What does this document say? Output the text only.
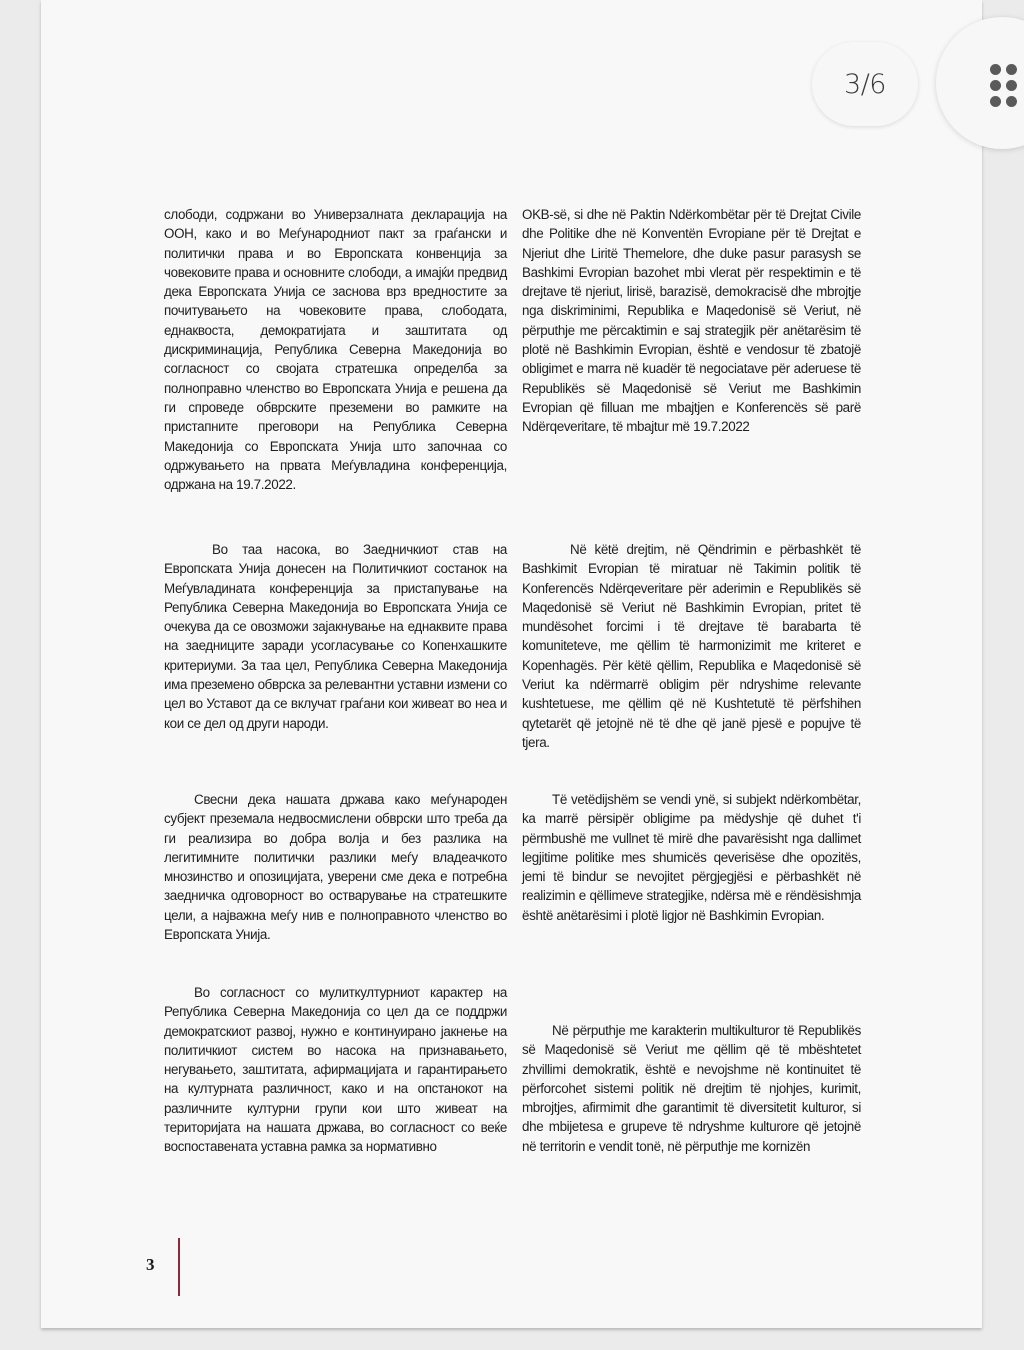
слободи, содржани во Универзалната декларација на ООН, како и во Меѓународниот пакт за граѓански и политички права и во Европската конвенција за човековите права и основните слободи, а имајќи предвид дека Европската Унија се заснова врз вредностите за почитувањето на човековите права, слободата, еднаквоста, демократијата и заштитата од дискриминација, Република Северна Македонија во согласност со својата стратешка определба за полноправно членство во Европската Унија е решена да ги спроведе обврските преземени во рамките на пристапните преговори на Република Северна Македонија со Европската Унија што започнаа со одржувањето на првата Меѓувладина конференција, одржана на 19.7.2022.

Во таа насока, во Заедничкиот став на Европската Унија донесен на Политичкиот состанок на Меѓувладината конференција за пристапување на Република Северна Македонија во Европската Унија се очекува да се овозможи зајакнување на еднаквите права на заедниците заради усогласување со Копенхашките критериуми. За таа цел, Република Северна Македонија има преземено обврска за релевантни уставни измени со цел во Уставот да се вклучат граѓани кои живеат во неа и кои се дел од други народи.

Свесни дека нашата држава како меѓународен субјект преземала недвосмислени обврски што треба да ги реализира во добра волја и без разлика на легитимните политички разлики меѓу владеачкото мнозинство и опозицијата, уверени сме дека е потребна заедничка одговорност во остварување на стратешките цели, а најважна меѓу нив е полноправното членство во Европската Унија.

Во согласност со мулиткултурниот карактер на Република Северна Македонија со цел да се поддржи демократскиот развој, нужно е континуирано јакнење на политичкиот систем во насока на признавањето, негувањето, заштитата, афирмацијата и гарантирањето на културната различност, како и на опстанокот на различните културни групи кои што живеат на територијата на нашата држава, во согласност со веќе воспоставената уставна рамка за нормативно

OKB-së, si dhe në Paktin Ndërkombëtar për të Drejtat Civile dhe Politike dhe në Konventën Evropiane për të Drejtat e Njeriut dhe Liritë Themelore, dhe duke pasur parasysh se Bashkimi Evropian bazohet mbi vlerat për respektimin e të drejtave të njeriut, lirisë, barazisë, demokracisë dhe mbrojtje nga diskriminimi, Republika e Maqedonisë së Veriut, në përputhje me përcaktimin e saj strategjik për anëtarësim të plotë në Bashkimin Evropian, është e vendosur të zbatojë obligimet e marra në kuadër të negociatave për aderuese të Republikës së Maqedonisë së Veriut me Bashkimin Evropian që filluan me mbajtjen e Konferencës së parë Ndërqeveritare, të mbajtur më 19.7.2022

Në këtë drejtim, në Qëndrimin e përbashkët të Bashkimit Evropian të miratuar në Takimin politik të Konferencës Ndërqeveritare për aderimin e Republikës së Maqedonisë së Veriut në Bashkimin Evropian, pritet të mundësohet forcimi i të drejtave të barabarta të komuniteteve, me qëllim të harmonizimit me kriteret e Kopenhagës. Për këtë qëllim, Republika e Maqedonisë së Veriut ka ndërmarrë obligim për ndryshime relevante kushtetuese, me qëllim që në Kushtetutë të përfshihen qytetarët që jetojnë në të dhe që janë pjesë e popujve të tjera.

Të vetëdijshëm se vendi ynë, si subjekt ndërkombëtar, ka marrë përsipër obligime pa mëdyshje që duhet t'i përmbushë me vullnet të mirë dhe pavarësisht nga dallimet legjitime politike mes shumicës qeverisëse dhe opozitës, jemi të bindur se nevojitet përgjegjësi e përbashkët në realizimin e qëllimeve strategjike, ndërsa më e rëndësishmja është anëtarësimi i plotë ligjor në Bashkimin Evropian.

Në përputhje me karakterin multikulturor të Republikës së Maqedonisë së Veriut me qëllim që të mbështetet zhvillimi demokratik, është e nevojshme në kontinuitet të përforcohet sistemi politik në drejtim të njohjes, kurimit, mbrojtjes, afirmimit dhe garantimit të diversitetit kulturor, si dhe mbijetesa e grupeve të ndryshme kulturore që jetojnë në territorin e vendit tonë, në përputhje me kornizën

3
3/6
